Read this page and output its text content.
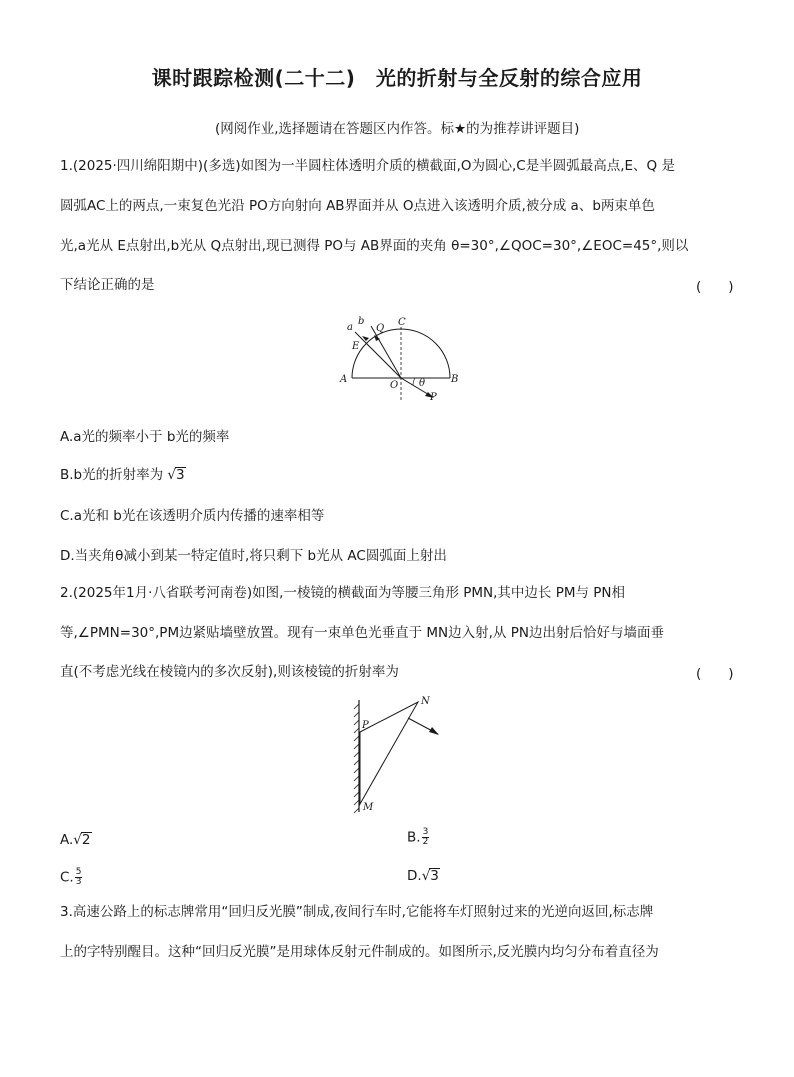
课时跟踪检测(二十二)　光的折射与全反射的综合应用
(网阅作业,选择题请在答题区内作答。标★的为推荐讲评题目)
1.(2025·四川绵阳期中)(多选)如图为一半圆柱体透明介质的横截面,O为圆心,C是半圆弧最高点,E、Q 是
圆弧AC上的两点,一束复色光沿 PO方向射向 AB界面并从 O点进入该透明介质,被分成 a、b两束单色
光,a光从 E点射出,b光从 Q点射出,现已测得 PO与 AB界面的夹角 θ=30°,∠QOC=30°,∠EOC=45°,则以
下结论正确的是	(　　)
a
b
Q
C
E
A
O θ	B
P
A.a光的频率小于 b光的频率
B.b光的折射率为 √3
C.a光和 b光在该透明介质内传播的速率相等
D.当夹角θ减小到某一特定值时,将只剩下 b光从 AC圆弧面上射出
2.(2025年1月·八省联考河南卷)如图,一棱镜的横截面为等腰三角形 PMN,其中边长 PM与 PN相
等,∠PMN=30°,PM边紧贴墙壁放置。现有一束单色光垂直于 MN边入射,从 PN边出射后恰好与墙面垂
直(不考虑光线在棱镜内的多次反射),则该棱镜的折射率为	(　　)
P
N
M
A.√2	B. $\frac{3}{2}$
C. $\frac{5}{3}$	D.√3
3.高速公路上的标志牌常用“回归反光膜”制成,夜间行车时,它能将车灯照射过来的光逆向返回,标志牌
上的字特别醒目。这种“回归反光膜”是用球体反射元件制成的。如图所示,反光膜内均匀分布着直径为
